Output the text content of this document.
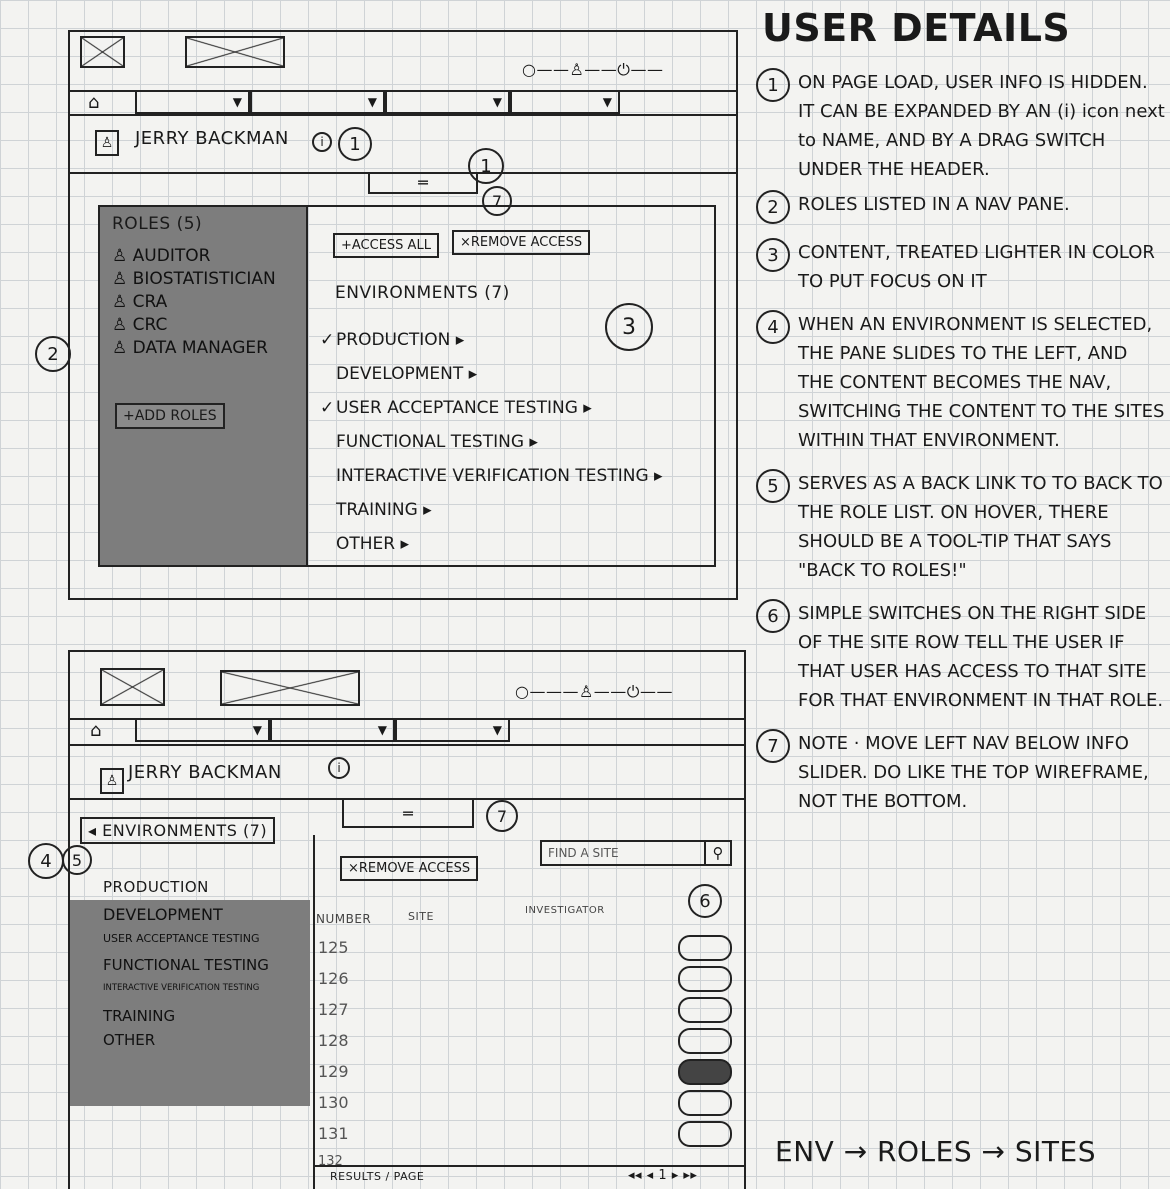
○——♙——⏻——
⌂	▼	▼	▼	▼
♙	JERRY BACKMAN	i	1
═
1
7
ROLES (5)
♙ AUDITOR
♙ BIOSTATISTICIAN
♙ CRA
♙ CRC
♙ DATA MANAGER
+ADD ROLES
2
+ACCESS ALL	×REMOVE ACCESS
ENVIRONMENTS (7)
3
✓ PRODUCTION ▸
DEVELOPMENT ▸
✓ USER ACCEPTANCE TESTING ▸
FUNCTIONAL TESTING ▸
INTERACTIVE VERIFICATION TESTING ▸
TRAINING ▸
OTHER ▸
○———♙——⏻——
⌂	▼	▼	▼
♙ JERRY BACKMAN	i
═	7
◂ ENVIRONMENTS (7)
4	5
PRODUCTION
DEVELOPMENT
USER ACCEPTANCE TESTING
FUNCTIONAL TESTING
INTERACTIVE VERIFICATION TESTING
TRAINING
OTHER
×REMOVE ACCESS
FIND A SITE	⚲
6
NUMBER	SITE	INVESTIGATOR
125
126
127
128
129
130
131
132
RESULTS / PAGE	◂◂ ◂ 1 ▸ ▸▸
USER DETAILS
1	ON PAGE LOAD, USER INFO IS HIDDEN. IT CAN BE EXPANDED BY AN (i) icon next to NAME, AND BY A DRAG SWITCH UNDER THE HEADER.
2	ROLES LISTED IN A NAV PANE.
3	CONTENT, TREATED LIGHTER IN COLOR TO PUT FOCUS ON IT
4	WHEN AN ENVIRONMENT IS SELECTED, THE PANE SLIDES TO THE LEFT, AND THE CONTENT BECOMES THE NAV, SWITCHING THE CONTENT TO THE SITES WITHIN THAT ENVIRONMENT.
5	SERVES AS A BACK LINK TO TO BACK TO THE ROLE LIST. ON HOVER, THERE SHOULD BE A TOOL-TIP THAT SAYS "BACK TO ROLES!"
6	SIMPLE SWITCHES ON THE RIGHT SIDE OF THE SITE ROW TELL THE USER IF THAT USER HAS ACCESS TO THAT SITE FOR THAT ENVIRONMENT IN THAT ROLE.
7	NOTE · MOVE LEFT NAV BELOW INFO SLIDER. DO LIKE THE TOP WIREFRAME, NOT THE BOTTOM.
ENV → ROLES → SITES
